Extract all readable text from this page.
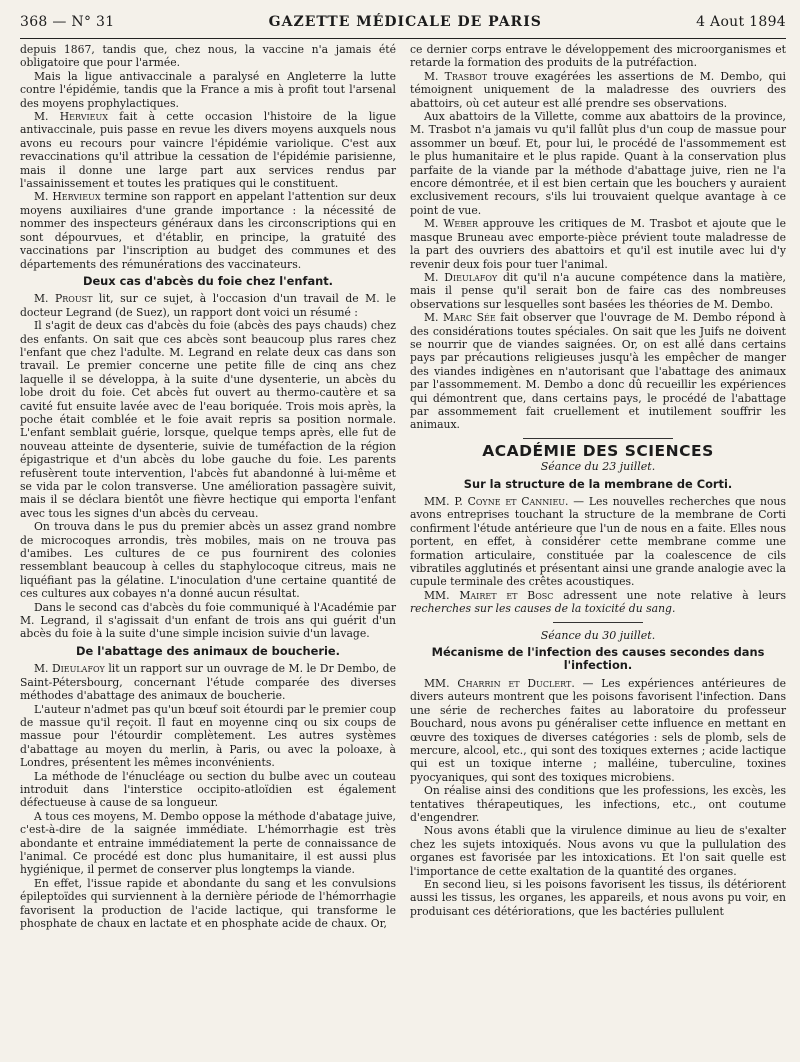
368 — N° 31	GAZETTE MÉDICALE DE PARIS	4 Aout 1894

depuis 1867, tandis que, chez nous, la vaccine n'a jamais été obligatoire que pour l'armée.

Mais la ligue antivaccinale a paralysé en Angleterre la lutte contre l'épidémie, tandis que la France a mis à profit tout l'arsenal des moyens prophylactiques.

M. Hervieux fait à cette occasion l'histoire de la ligue antivaccinale, puis passe en revue les divers moyens auxquels nous avons eu recours pour vaincre l'épidémie variolique. C'est aux revaccinations qu'il attribue la cessation de l'épidémie parisienne, mais il donne une large part aux services rendus par l'assainissement et toutes les pratiques qui le constituent.

M. Hervieux termine son rapport en appelant l'attention sur deux moyens auxiliaires d'une grande importance : la nécessité de nommer des inspecteurs généraux dans les circonscriptions qui en sont dépourvues, et d'établir, en principe, la gratuité des vaccinations par l'inscription au budget des communes et des départements des rémunérations des vaccinateurs.

Deux cas d'abcès du foie chez l'enfant.

M. Proust lit, sur ce sujet, à l'occasion d'un travail de M. le docteur Legrand (de Suez), un rapport dont voici un résumé :

Il s'agit de deux cas d'abcès du foie (abcès des pays chauds) chez des enfants. On sait que ces abcès sont beaucoup plus rares chez l'enfant que chez l'adulte. M. Legrand en relate deux cas dans son travail. Le premier concerne une petite fille de cinq ans chez laquelle il se développa, à la suite d'une dysenterie, un abcès du lobe droit du foie. Cet abcès fut ouvert au thermo-cautère et sa cavité fut ensuite lavée avec de l'eau boriquée. Trois mois après, la poche était comblée et le foie avait repris sa position normale. L'enfant semblait guérie, lorsque, quelque temps après, elle fut de nouveau atteinte de dysenterie, suivie de tuméfaction de la région épigastrique et d'un abcès du lobe gauche du foie. Les parents refusèrent toute intervention, l'abcès fut abandonné à lui-même et se vida par le colon transverse. Une amélioration passagère suivit, mais il se déclara bientôt une fièvre hectique qui emporta l'enfant avec tous les signes d'un abcès du cerveau.

On trouva dans le pus du premier abcès un assez grand nombre de microcoques arrondis, très mobiles, mais on ne trouva pas d'amibes. Les cultures de ce pus fournirent des colonies ressemblant beaucoup à celles du staphylocoque citreus, mais ne liquéfiant pas la gélatine. L'inoculation d'une certaine quantité de ces cultures aux cobayes n'a donné aucun résultat.

Dans le second cas d'abcès du foie communiqué à l'Académie par M. Legrand, il s'agissait d'un enfant de trois ans qui guérit d'un abcès du foie à la suite d'une simple incision suivie d'un lavage.

De l'abattage des animaux de boucherie.

M. Dieulafoy lit un rapport sur un ouvrage de M. le Dr Dembo, de Saint-Pétersbourg, concernant l'étude comparée des diverses méthodes d'abattage des animaux de boucherie.

L'auteur n'admet pas qu'un bœuf soit étourdi par le premier coup de massue qu'il reçoit. Il faut en moyenne cinq ou six coups de massue pour l'étourdir complètement. Les autres systèmes d'abattage au moyen du merlin, à Paris, ou avec la poloaxe, à Londres, présentent les mêmes inconvénients.

La méthode de l'énucléage ou section du bulbe avec un couteau introduit dans l'interstice occipito-atloïdien est également défectueuse à cause de sa longueur.

A tous ces moyens, M. Dembo oppose la méthode d'abatage juive, c'est-à-dire de la saignée immédiate. L'hémorrhagie est très abondante et entraine immédiatement la perte de connaissance de l'animal. Ce procédé est donc plus humanitaire, il est aussi plus hygiénique, il permet de conserver plus longtemps la viande.

En effet, l'issue rapide et abondante du sang et les convulsions épileptoïdes qui surviennent à la dernière période de l'hémorrhagie favorisent la production de l'acide lactique, qui transforme le phosphate de chaux en lactate et en phosphate acide de chaux. Or,

ce dernier corps entrave le développement des microorganismes et retarde la formation des produits de la putréfaction.

M. Trasbot trouve exagérées les assertions de M. Dembo, qui témoignent uniquement de la maladresse des ouvriers des abattoirs, où cet auteur est allé prendre ses observations.

Aux abattoirs de la Villette, comme aux abattoirs de la province, M. Trasbot n'a jamais vu qu'il fallût plus d'un coup de massue pour assommer un bœuf. Et, pour lui, le procédé de l'assommement est le plus humanitaire et le plus rapide. Quant à la conservation plus parfaite de la viande par la méthode d'abattage juive, rien ne l'a encore démontrée, et il est bien certain que les bouchers y auraient exclusivement recours, s'ils lui trouvaient quelque avantage à ce point de vue.

M. Weber approuve les critiques de M. Trasbot et ajoute que le masque Bruneau avec emporte-pièce prévient toute maladresse de la part des ouvriers des abattoirs et qu'il est inutile avec lui d'y revenir deux fois pour tuer l'animal.

M. Dieulafoy dit qu'il n'a aucune compétence dans la matière, mais il pense qu'il serait bon de faire cas des nombreuses observations sur lesquelles sont basées les théories de M. Dembo.

M. Marc Sée fait observer que l'ouvrage de M. Dembo répond à des considérations toutes spéciales. On sait que les Juifs ne doivent se nourrir que de viandes saignées. Or, on est allé dans certains pays par précautions religieuses jusqu'à les empêcher de manger des viandes indigènes en n'autorisant que l'abattage des animaux par l'assommement. M. Dembo a donc dû recueillir les expériences qui démontrent que, dans certains pays, le procédé de l'abattage par assommement fait cruellement et inutilement souffrir les animaux.

ACADÉMIE DES SCIENCES
Séance du 23 juillet.
Sur la structure de la membrane de Corti.

MM. P. Coyne et Cannieu. — Les nouvelles recherches que nous avons entreprises touchant la structure de la membrane de Corti confirment l'étude antérieure que l'un de nous en a faite. Elles nous portent, en effet, à considérer cette membrane comme une formation articulaire, constituée par la coalescence de cils vibratiles agglutinés et présentant ainsi une grande analogie avec la cupule terminale des crêtes acoustiques.

MM. Mairet et Bosc adressent une note relative à leurs recherches sur les causes de la toxicité du sang.

Séance du 30 juillet.
Mécanisme de l'infection des causes secondes dans l'infection.

MM. Charrin et Duclert. — Les expériences antérieures de divers auteurs montrent que les poisons favorisent l'infection. Dans une série de recherches faites au laboratoire du professeur Bouchard, nous avons pu généraliser cette influence en mettant en œuvre des toxiques de diverses catégories : sels de plomb, sels de mercure, alcool, etc., qui sont des toxiques externes ; acide lactique qui est un toxique interne ; malléine, tuberculine, toxines pyocyaniques, qui sont des toxiques microbiens.

On réalise ainsi des conditions que les professions, les excès, les tentatives thérapeutiques, les infections, etc., ont coutume d'engendrer.

Nous avons établi que la virulence diminue au lieu de s'exalter chez les sujets intoxiqués. Nous avons vu que la pullulation des organes est favorisée par les intoxications. Et l'on sait quelle est l'importance de cette exaltation de la quantité des organes.

En second lieu, si les poisons favorisent les tissus, ils détériorent aussi les tissus, les organes, les appareils, et nous avons pu voir, en produisant ces détériorations, que les bactéries pullulent
